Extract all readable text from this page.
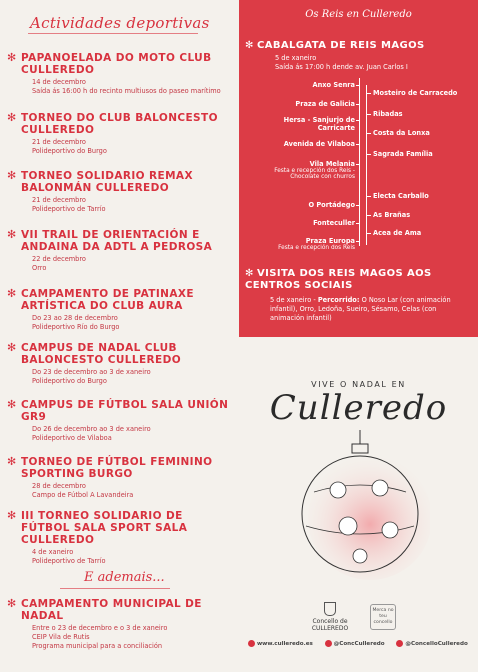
Actividades deportivas
✻ PAPANOELADA DO MOTO CLUB CULLEREDO
14 de decembro
Saída ás 16:00 h do recinto multiusos do paseo marítimo
✻ TORNEO DO CLUB BALONCESTO CULLEREDO
21 de decembro
Polideportivo do Burgo
✻ TORNEO SOLIDARIO REMAX BALONMÁN CULLEREDO
21 de decembro
Polideportivo de Tarrío
✻ VII TRAIL DE ORIENTACIÓN E ANDAINA DA ADTL A PEDROSA
22 de decembro
Orro
✻ CAMPAMENTO DE PATINAXE ARTÍSTICA DO CLUB AURA
Do 23 ao 28 de decembro
Polideportivo Río do Burgo
✻ CAMPUS DE NADAL CLUB BALONCESTO CULLEREDO
Do 23 de decembro ao 3 de xaneiro
Polideportivo do Burgo
✻ CAMPUS DE FÚTBOL SALA UNIÓN GR9
Do 26 de decembro ao 3 de xaneiro
Polideportivo de Vilaboa
✻ TORNEO DE FÚTBOL FEMININO SPORTING BURGO
28 de decembro
Campo de Fútbol A Lavandeira
✻ III TORNEO SOLIDARIO DE FÚTBOL SALA SPORT SALA CULLEREDO
4 de xaneiro
Polideportivo de Tarrío
E ademais...
✻ CAMPAMENTO MUNICIPAL DE NADAL
Entre o 23 de decembro e o 3 de xaneiro
CEIP Vila de Rutis
Programa municipal para a conciliación
Os Reis en Culleredo
✻ CABALGATA DE REIS MAGOS
5 de xaneiro
Saída ás 17:00 h dende av. Juan Carlos I
Anxo Senra
Praza de Galicia
Hersa - Sanjurjo de Carricarte
Avenida de Vilaboa
Vila Melania
Festa e recepción dos Reis - Chocolate con churros
O Portádego
Fonteculler
Praza Europa
Festa e recepción dos Reis
Mosteiro de Carracedo
Ribadas
Costa da Lonxa
Sagrada Família
Electa Carballo
As Brañas
Acea de Ama
✻ VISITA DOS REIS MAGOS AOS CENTROS SOCIAIS
5 de xaneiro - Percorrido: O Noso Lar (con animación infantil), Orro, Ledoña, Sueiro, Sésamo, Celas (con animación infantil)
VIVE O NADAL EN
Culleredo
Concello de CULLEREDO
Merca no teu concello
www.culleredo.es	@ConcCulleredo	@ConcelloCulleredo
